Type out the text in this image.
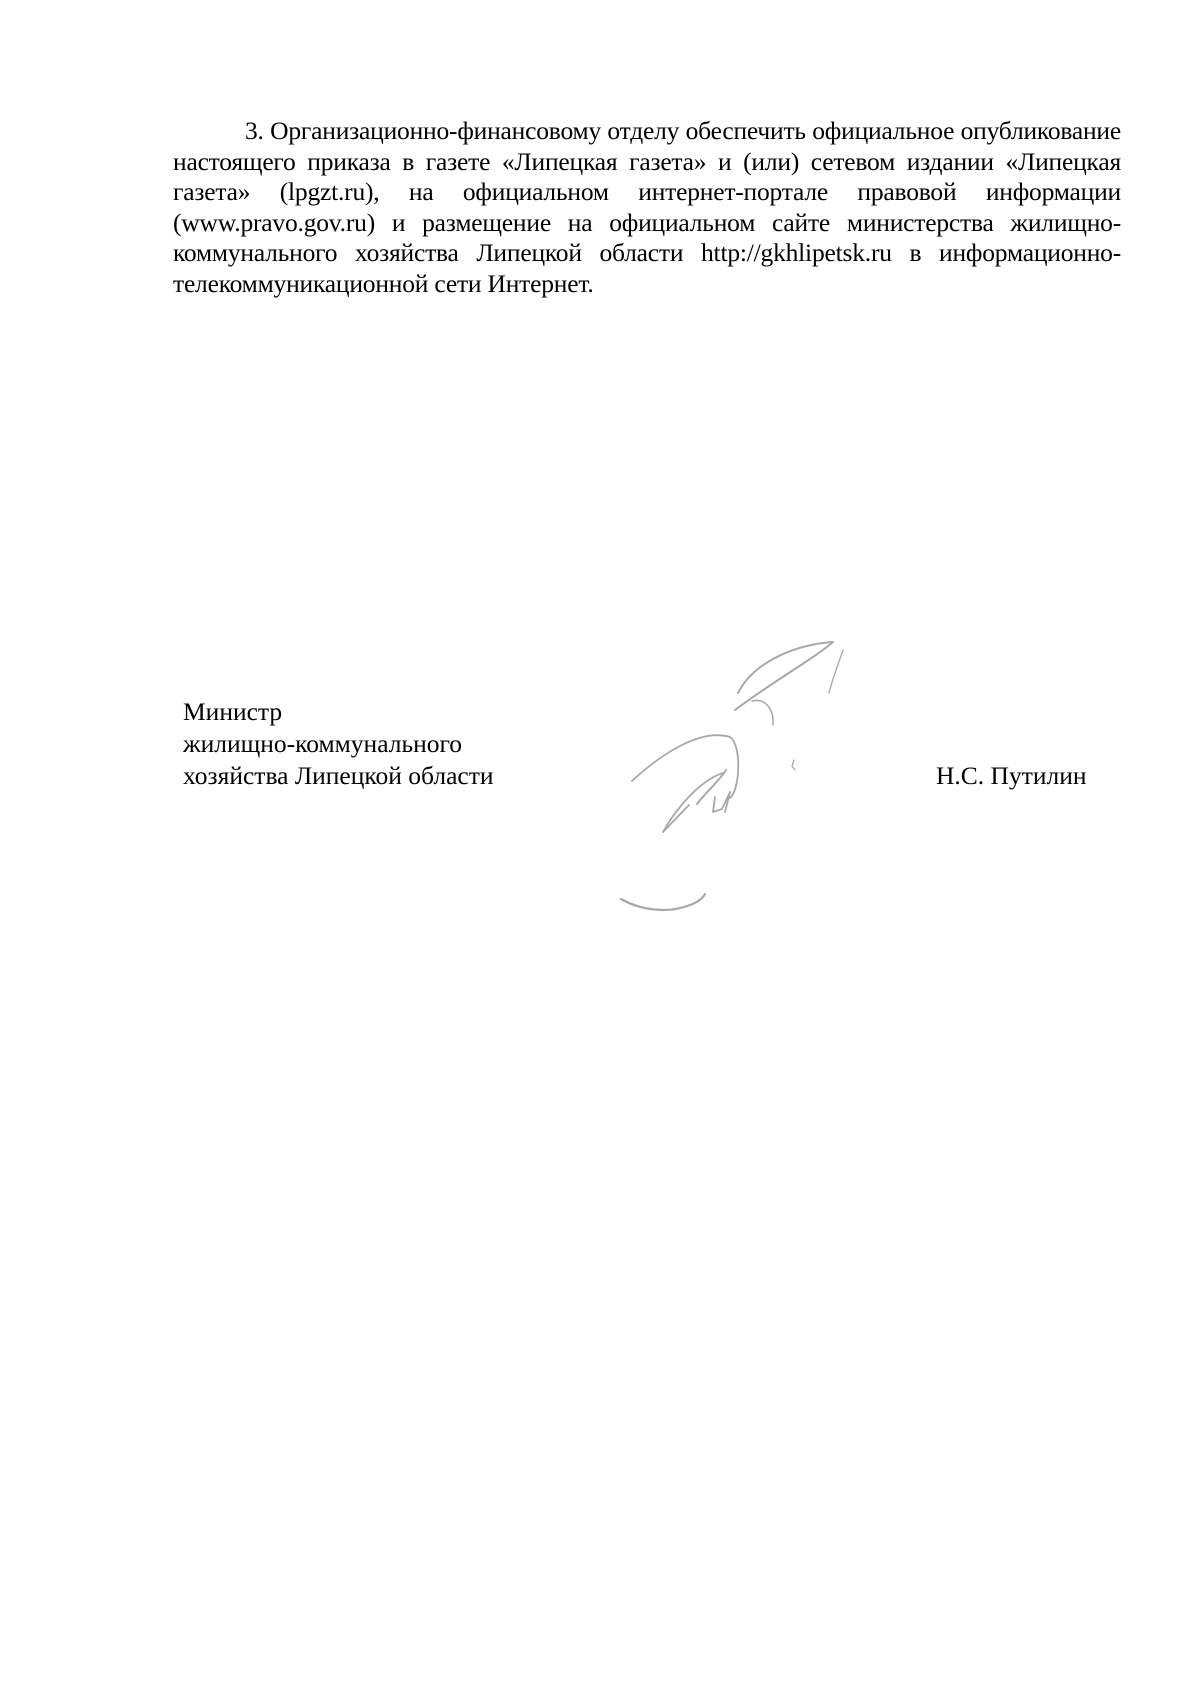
3. Организационно-финансовому отделу обеспечить официальное опубликование настоящего приказа в газете «Липецкая газета» и (или) сетевом издании «Липецкая газета» (lpgzt.ru), на официальном интернет-портале правовой информации (www.pravo.gov.ru) и размещение на официальном сайте министерства жилищно-коммунального хозяйства Липецкой области http://gkhlipetsk.ru в информационно-телекоммуникационной сети Интернет.

Министр
жилищно-коммунального
хозяйства Липецкой области	Н.С. Путилин
